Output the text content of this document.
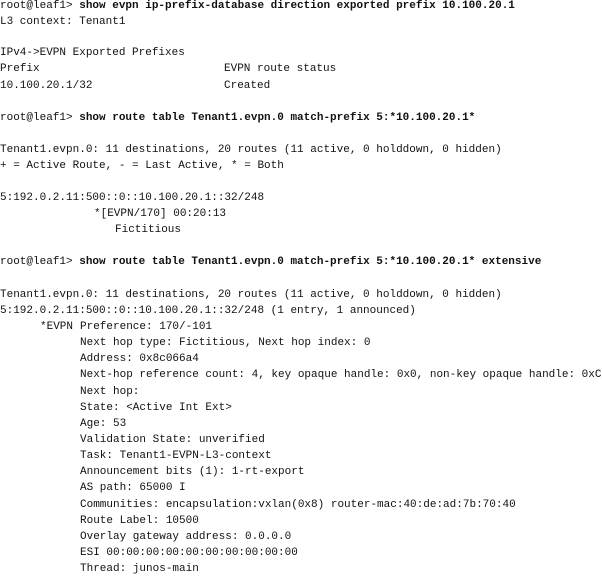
root@leaf1> show evpn ip-prefix-database direction exported prefix 10.100.20.1
L3 context: Tenant1
IPv4->EVPN Exported Prefixes
Prefix	EVPN route status
10.100.20.1/32	Created
root@leaf1> show route table Tenant1.evpn.0 match-prefix 5:*10.100.20.1*
Tenant1.evpn.0: 11 destinations, 20 routes (11 active, 0 holddown, 0 hidden)
+ = Active Route, - = Last Active, * = Both
5:192.0.2.11:500::0::10.100.20.1::32/248
*[EVPN/170] 00:20:13
Fictitious
root@leaf1> show route table Tenant1.evpn.0 match-prefix 5:*10.100.20.1* extensive
Tenant1.evpn.0: 11 destinations, 20 routes (11 active, 0 holddown, 0 hidden)
5:192.0.2.11:500::0::10.100.20.1::32/248 (1 entry, 1 announced)
*EVPN Preference: 170/-101
Next hop type: Fictitious, Next hop index: 0
Address: 0x8c066a4
Next-hop reference count: 4, key opaque handle: 0x0, non-key opaque handle: 0xC
Next hop:
State: <Active Int Ext>
Age: 53
Validation State: unverified
Task: Tenant1-EVPN-L3-context
Announcement bits (1): 1-rt-export
AS path: 65000 I
Communities: encapsulation:vxlan(0x8) router-mac:40:de:ad:7b:70:40
Route Label: 10500
Overlay gateway address: 0.0.0.0
ESI 00:00:00:00:00:00:00:00:00:00
Thread: junos-main
